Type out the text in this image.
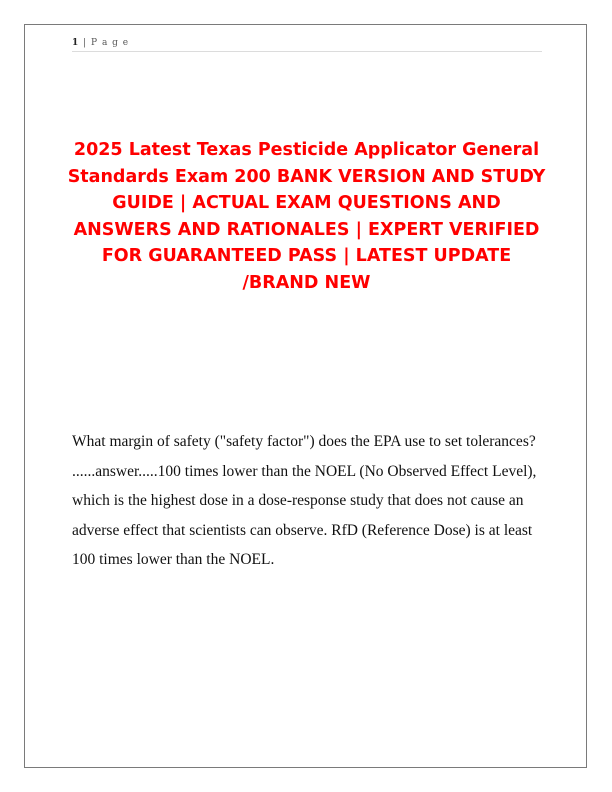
1 | P a g e
2025 Latest Texas Pesticide Applicator General Standards Exam 200 BANK VERSION AND STUDY GUIDE | ACTUAL EXAM QUESTIONS AND ANSWERS AND RATIONALES | EXPERT VERIFIED FOR GUARANTEED PASS | LATEST UPDATE /BRAND NEW
What margin of safety ("safety factor") does the EPA use to set tolerances? ......answer.....100 times lower than the NOEL (No Observed Effect Level), which is the highest dose in a dose-response study that does not cause an adverse effect that scientists can observe. RfD (Reference Dose) is at least 100 times lower than the NOEL.
